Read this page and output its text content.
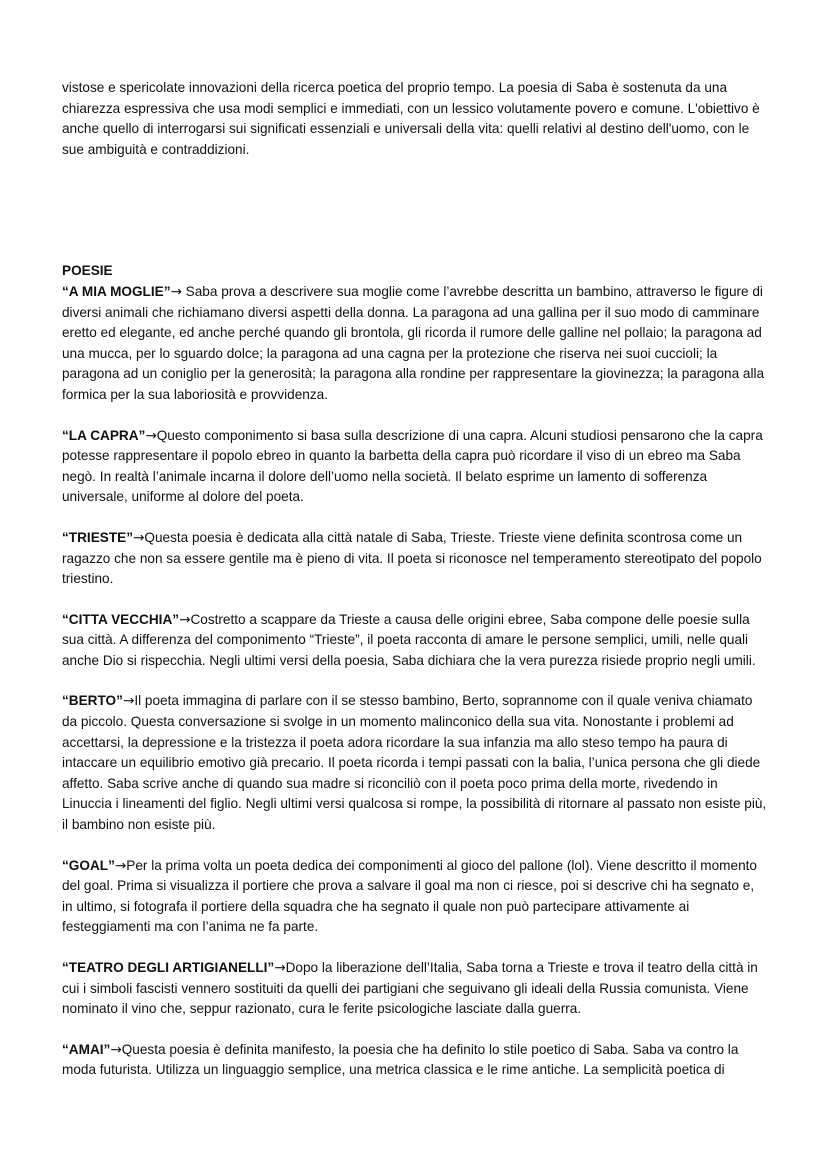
vistose e spericolate innovazioni della ricerca poetica del proprio tempo. La poesia di Saba è sostenuta da una chiarezza espressiva che usa modi semplici e immediati, con un lessico volutamente povero e comune. L'obiettivo è anche quello di interrogarsi sui significati essenziali e universali della vita: quelli relativi al destino dell'uomo, con le sue ambiguità e contraddizioni.

POESIE

“A MIA MOGLIE”→ Saba prova a descrivere sua moglie come l’avrebbe descritta un bambino, attraverso le figure di diversi animali che richiamano diversi aspetti della donna. La paragona ad una gallina per il suo modo di camminare eretto ed elegante, ed anche perché quando gli brontola, gli ricorda il rumore delle galline nel pollaio; la paragona ad una mucca, per lo sguardo dolce; la paragona ad una cagna per la protezione che riserva nei suoi cuccioli; la paragona ad un coniglio per la generosità; la paragona alla rondine per rappresentare la giovinezza; la paragona alla formica per la sua laboriosità e provvidenza.

“LA CAPRA”→Questo componimento si basa sulla descrizione di una capra. Alcuni studiosi pensarono che la capra potesse rappresentare il popolo ebreo in quanto la barbetta della capra può ricordare il viso di un ebreo ma Saba negò. In realtà l’animale incarna il dolore dell’uomo nella società. Il belato esprime un lamento di sofferenza universale, uniforme al dolore del poeta.

“TRIESTE”→Questa poesia è dedicata alla città natale di Saba, Trieste. Trieste viene definita scontrosa come un ragazzo che non sa essere gentile ma è pieno di vita. Il poeta si riconosce nel temperamento stereotipato del popolo triestino.

“CITTA VECCHIA”→Costretto a scappare da Trieste a causa delle origini ebree, Saba compone delle poesie sulla sua città. A differenza del componimento “Trieste”, il poeta racconta di amare le persone semplici, umili, nelle quali anche Dio si rispecchia. Negli ultimi versi della poesia, Saba dichiara che la vera purezza risiede proprio negli umili.

“BERTO”→Il poeta immagina di parlare con il se stesso bambino, Berto, soprannome con il quale veniva chiamato da piccolo. Questa conversazione si svolge in un momento malinconico della sua vita. Nonostante i problemi ad accettarsi, la depressione e la tristezza il poeta adora ricordare la sua infanzia ma allo steso tempo ha paura di intaccare un equilibrio emotivo già precario. Il poeta ricorda i tempi passati con la balia, l’unica persona che gli diede affetto. Saba scrive anche di quando sua madre si riconciliò con il poeta poco prima della morte, rivedendo in Linuccia i lineamenti del figlio. Negli ultimi versi qualcosa si rompe, la possibilità di ritornare al passato non esiste più, il bambino non esiste più.

“GOAL”→Per la prima volta un poeta dedica dei componimenti al gioco del pallone (lol). Viene descritto il momento del goal. Prima si visualizza il portiere che prova a salvare il goal ma non ci riesce, poi si descrive chi ha segnato e, in ultimo, si fotografa il portiere della squadra che ha segnato il quale non può partecipare attivamente ai festeggiamenti ma con l’anima ne fa parte.

“TEATRO DEGLI ARTIGIANELLI”→Dopo la liberazione dell’Italia, Saba torna a Trieste e trova il teatro della città in cui i simboli fascisti vennero sostituiti da quelli dei partigiani che seguivano gli ideali della Russia comunista. Viene nominato il vino che, seppur razionato, cura le ferite psicologiche lasciate dalla guerra.

“AMAI”→Questa poesia è definita manifesto, la poesia che ha definito lo stile poetico di Saba. Saba va contro la moda futurista. Utilizza un linguaggio semplice, una metrica classica e le rime antiche. La semplicità poetica di
